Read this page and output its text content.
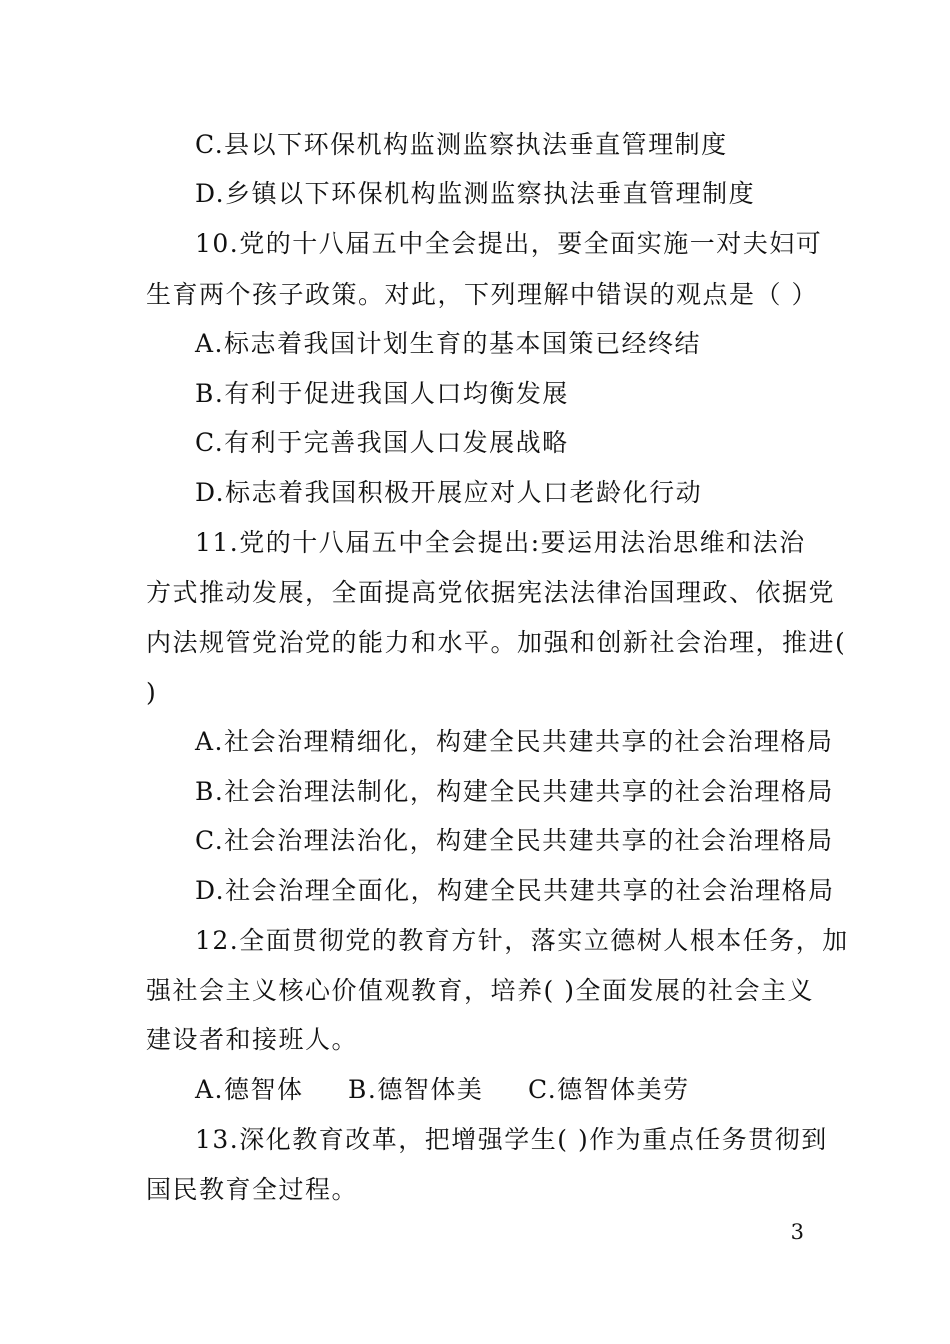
C.县以下环保机构监测监察执法垂直管理制度
D.乡镇以下环保机构监测监察执法垂直管理制度
10.党的十八届五中全会提出，要全面实施一对夫妇可
生育两个孩子政策。对此，下列理解中错误的观点是（ ）
A.标志着我国计划生育的基本国策已经终结
B.有利于促进我国人口均衡发展
C.有利于完善我国人口发展战略
D.标志着我国积极开展应对人口老龄化行动
11.党的十八届五中全会提出:要运用法治思维和法治
方式推动发展，全面提高党依据宪法法律治国理政、依据党
内法规管党治党的能力和水平。加强和创新社会治理，推进(
)
A.社会治理精细化，构建全民共建共享的社会治理格局
B.社会治理法制化，构建全民共建共享的社会治理格局
C.社会治理法治化，构建全民共建共享的社会治理格局
D.社会治理全面化，构建全民共建共享的社会治理格局
12.全面贯彻党的教育方针，落实立德树人根本任务，加
强社会主义核心价值观教育，培养( )全面发展的社会主义
建设者和接班人。
A.德智体 B.德智体美 C.德智体美劳
13.深化教育改革，把增强学生( )作为重点任务贯彻到
国民教育全过程。
3
